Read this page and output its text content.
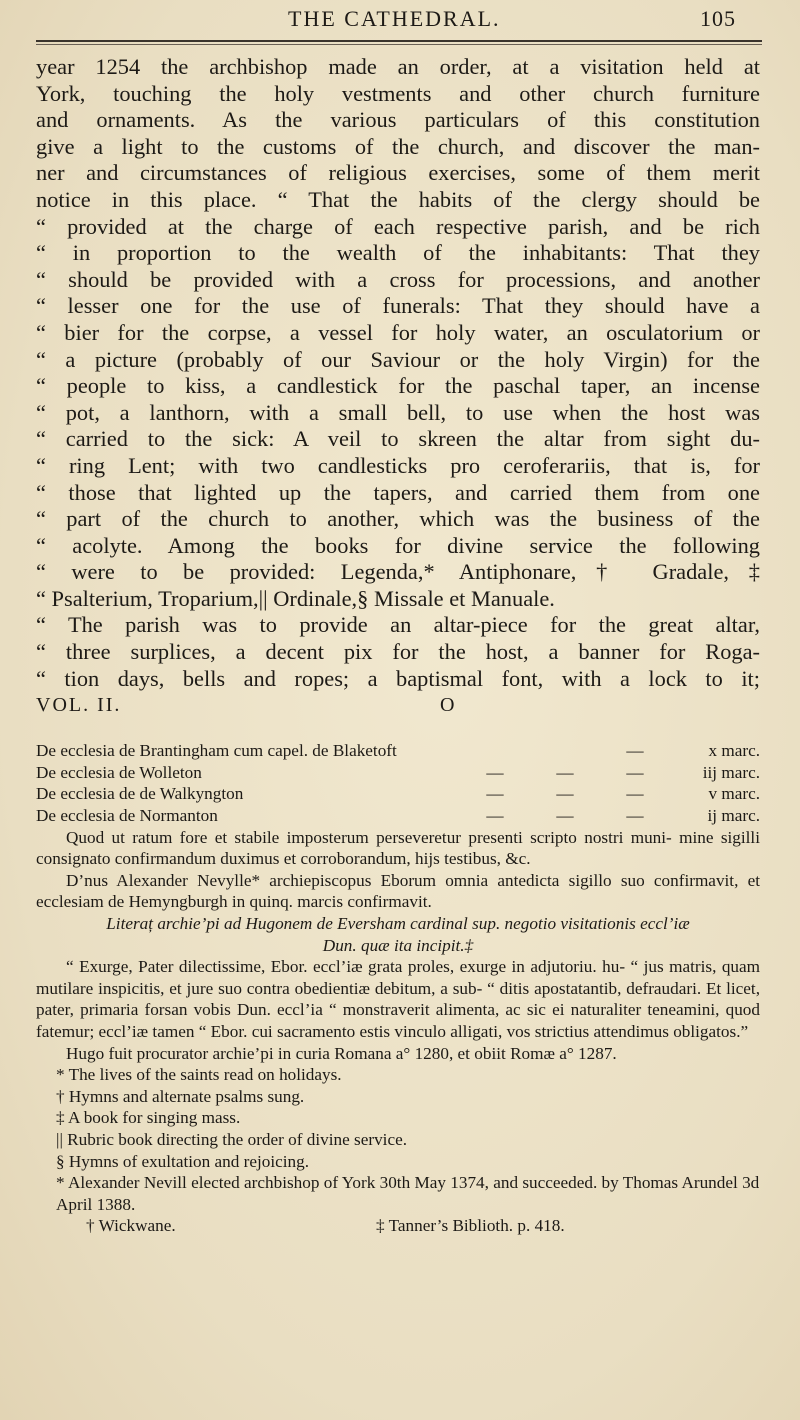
THE CATHEDRAL.	105
year 1254 the archbishop made an order, at a visitation held at
York, touching the holy vestments and other church furniture
and ornaments. As the various particulars of this constitution
give a light to the customs of the church, and discover the man-
ner and circumstances of religious exercises, some of them merit
notice in this place. “ That the habits of the clergy should be
“ provided at the charge of each respective parish, and be rich
“ in proportion to the wealth of the inhabitants: That they
“ should be provided with a cross for processions, and another
“ lesser one for the use of funerals: That they should have a
“ bier for the corpse, a vessel for holy water, an osculatorium or
“ a picture (probably of our Saviour or the holy Virgin) for the
“ people to kiss, a candlestick for the paschal taper, an incense
“ pot, a lanthorn, with a small bell, to use when the host was
“ carried to the sick: A veil to skreen the altar from sight du-
“ ring Lent; with two candlesticks pro ceroferariis, that is, for
“ those that lighted up the tapers, and carried them from one
“ part of the church to another, which was the business of the
“ acolyte. Among the books for divine service the following
“ were to be provided: Legenda,* Antiphonare,† Gradale,‡
“ Psalterium, Troparium,|| Ordinale,§ Missale et Manuale.
“ The parish was to provide an altar-piece for the great altar,
“ three surplices, a decent pix for the host, a banner for Roga-
“ tion days, bells and ropes; a baptismal font, with a lock to it;
VOL. II.	O
De ecclesia de Brantingham cum capel. de Blaketoft			—	x marc.
De ecclesia de Wolleton	—	—	—	iij marc.
De ecclesia de de Walkyngton	—	—	—	v marc.
De ecclesia de Normanton	—	—	—	ij marc.

Quod ut ratum fore et stabile imposterum perseveretur presenti scripto nostri muni- mine sigilli consignato confirmandum duximus et corroborandum, hijs testibus, &c.

D’nus Alexander Nevylle* archiepiscopus Eborum omnia antedicta sigillo suo confirmavit, et ecclesiam de Hemyngburgh in quinq. marcis confirmavit.

Literaț archie’pi ad Hugonem de Eversham cardinal sup. negotio visitationis eccl’iæ

Dun. quæ ita incipit.‡

“ Exurge, Pater dilectissime, Ebor. eccl’iæ grata proles, exurge in adjutoriu. hu- “ jus matris, quam mutilare inspicitis, et jure suo contra obedientiæ debitum, a sub- “ ditis apostatantib, defraudari. Et licet, pater, primaria forsan vobis Dun. eccl’ia “ monstraverit alimenta, ac sic ei naturaliter teneamini, quod fatemur; eccl’iæ tamen “ Ebor. cui sacramento estis vinculo alligati, vos strictius attendimus obligatos.”

Hugo fuit procurator archie’pi in curia Romana a° 1280, et obiit Romæ a° 1287.

* The lives of the saints read on holidays.

† Hymns and alternate psalms sung.

‡ A book for singing mass.

|| Rubric book directing the order of divine service.

§ Hymns of exultation and rejoicing.

* Alexander Nevill elected archbishop of York 30th May 1374, and succeeded. by Thomas Arundel 3d April 1388.

† Wickwane.	‡ Tanner’s Biblioth. p. 418.
